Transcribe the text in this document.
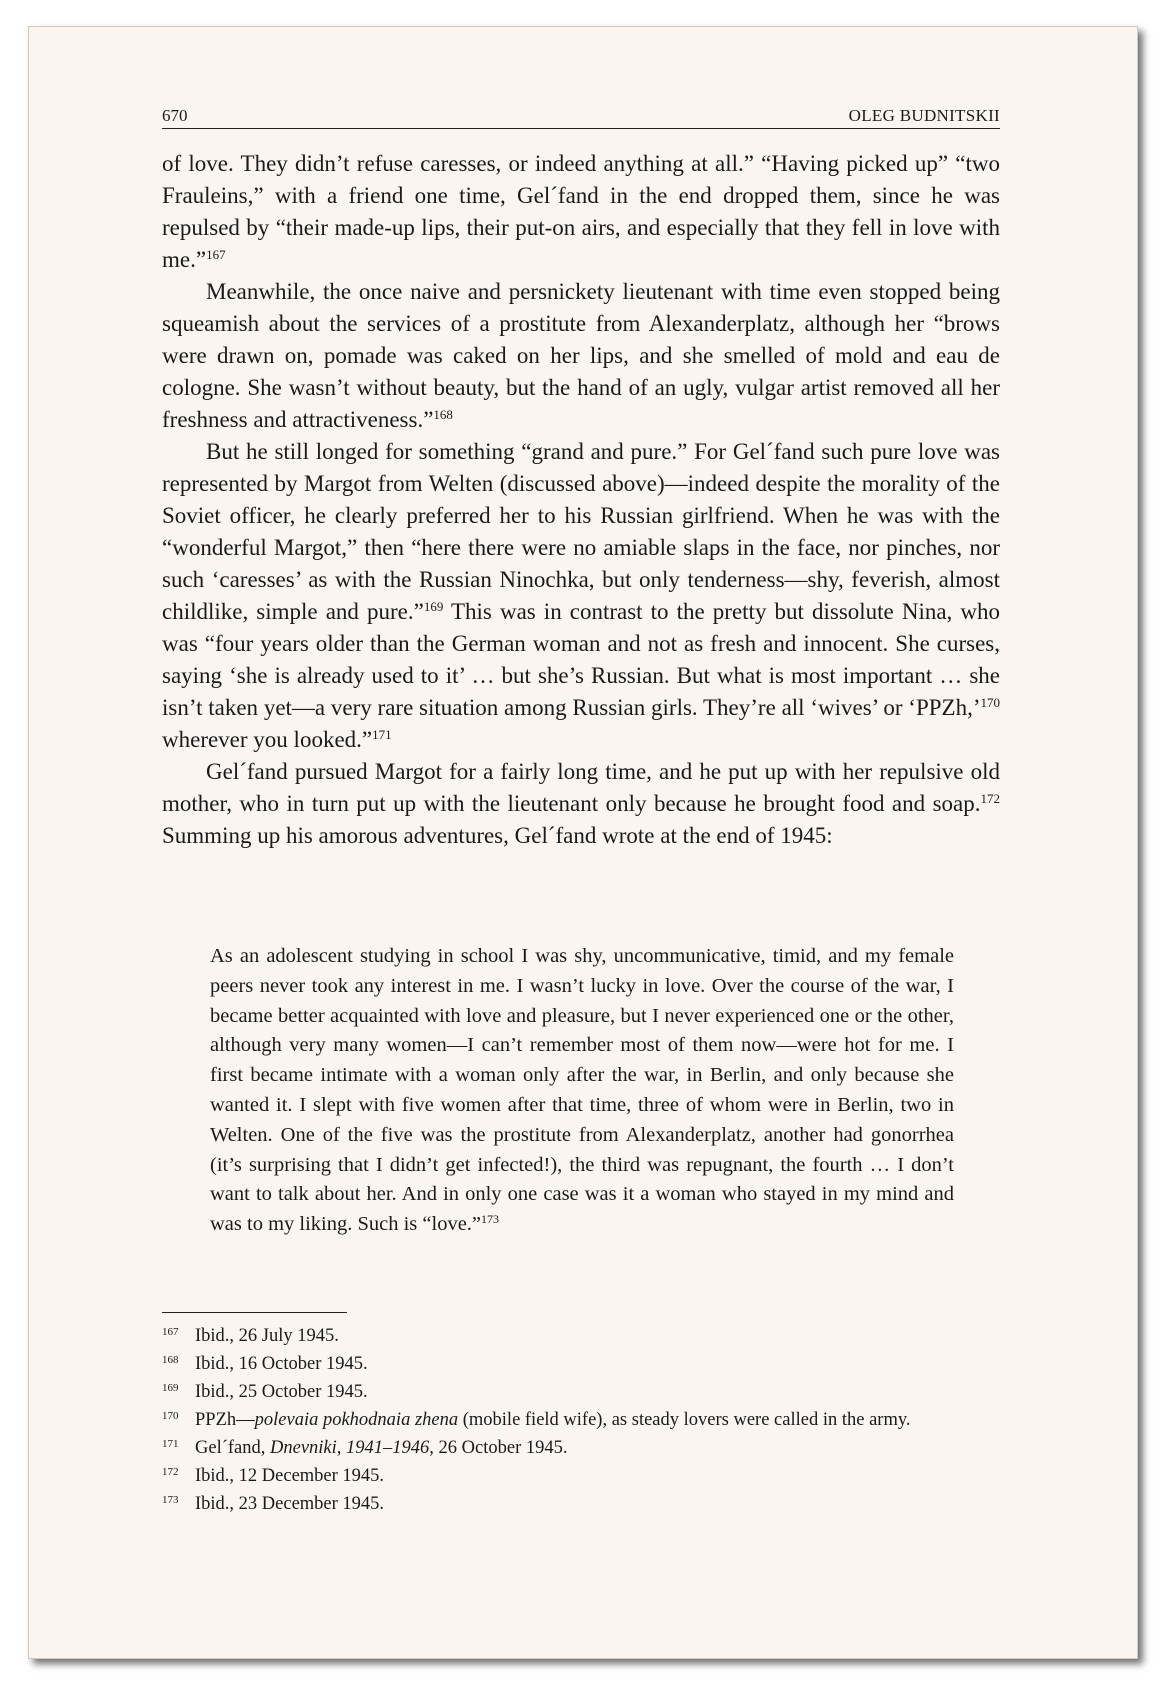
670	OLEG BUDNITSKII

of love. They didn’t refuse caresses, or indeed anything at all.” “Having picked up” “two Frauleins,” with a friend one time, Gel´fand in the end dropped them, since he was repulsed by “their made-up lips, their put-on airs, and especially that they fell in love with me.”$^{167}$

Meanwhile, the once naive and persnickety lieutenant with time even stopped being squeamish about the services of a prostitute from Alexanderplatz, although her “brows were drawn on, pomade was caked on her lips, and she smelled of mold and eau de cologne. She wasn’t without beauty, but the hand of an ugly, vulgar artist removed all her freshness and attractiveness.”$^{168}$

But he still longed for something “grand and pure.” For Gel´fand such pure love was represented by Margot from Welten (discussed above)—indeed despite the morality of the Soviet officer, he clearly preferred her to his Russian girlfriend. When he was with the “wonderful Margot,” then “here there were no amiable slaps in the face, nor pinches, nor such ‘caresses’ as with the Russian Ninochka, but only tenderness—shy, feverish, almost childlike, simple and pure.”$^{169}$ This was in contrast to the pretty but dissolute Nina, who was “four years older than the German woman and not as fresh and innocent. She curses, saying ‘she is already used to it’ … but she’s Russian. But what is most important … she isn’t taken yet—a very rare situation among Russian girls. They’re all ‘wives’ or ‘PPZh,’$^{170}$ wherever you looked.”$^{171}$

Gel´fand pursued Margot for a fairly long time, and he put up with her repulsive old mother, who in turn put up with the lieutenant only because he brought food and soap.$^{172}$ Summing up his amorous adventures, Gel´fand wrote at the end of 1945:

As an adolescent studying in school I was shy, uncommunicative, timid, and my female peers never took any interest in me. I wasn’t lucky in love. Over the course of the war, I became better acquainted with love and pleasure, but I never experienced one or the other, although very many women—I can’t remember most of them now—were hot for me. I first became intimate with a woman only after the war, in Berlin, and only because she wanted it. I slept with five women after that time, three of whom were in Berlin, two in Welten. One of the five was the prostitute from Alexanderplatz, another had gonorrhea (it’s surprising that I didn’t get infected!), the third was repugnant, the fourth … I don’t want to talk about her. And in only one case was it a woman who stayed in my mind and was to my liking. Such is “love.”$^{173}$

167 Ibid., 26 July 1945.

168 Ibid., 16 October 1945.

169 Ibid., 25 October 1945.

170 PPZh—polevaia pokhodnaia zhena (mobile field wife), as steady lovers were called in the army.

171 Gel´fand, Dnevniki, 1941–1946, 26 October 1945.

172 Ibid., 12 December 1945.

173 Ibid., 23 December 1945.
